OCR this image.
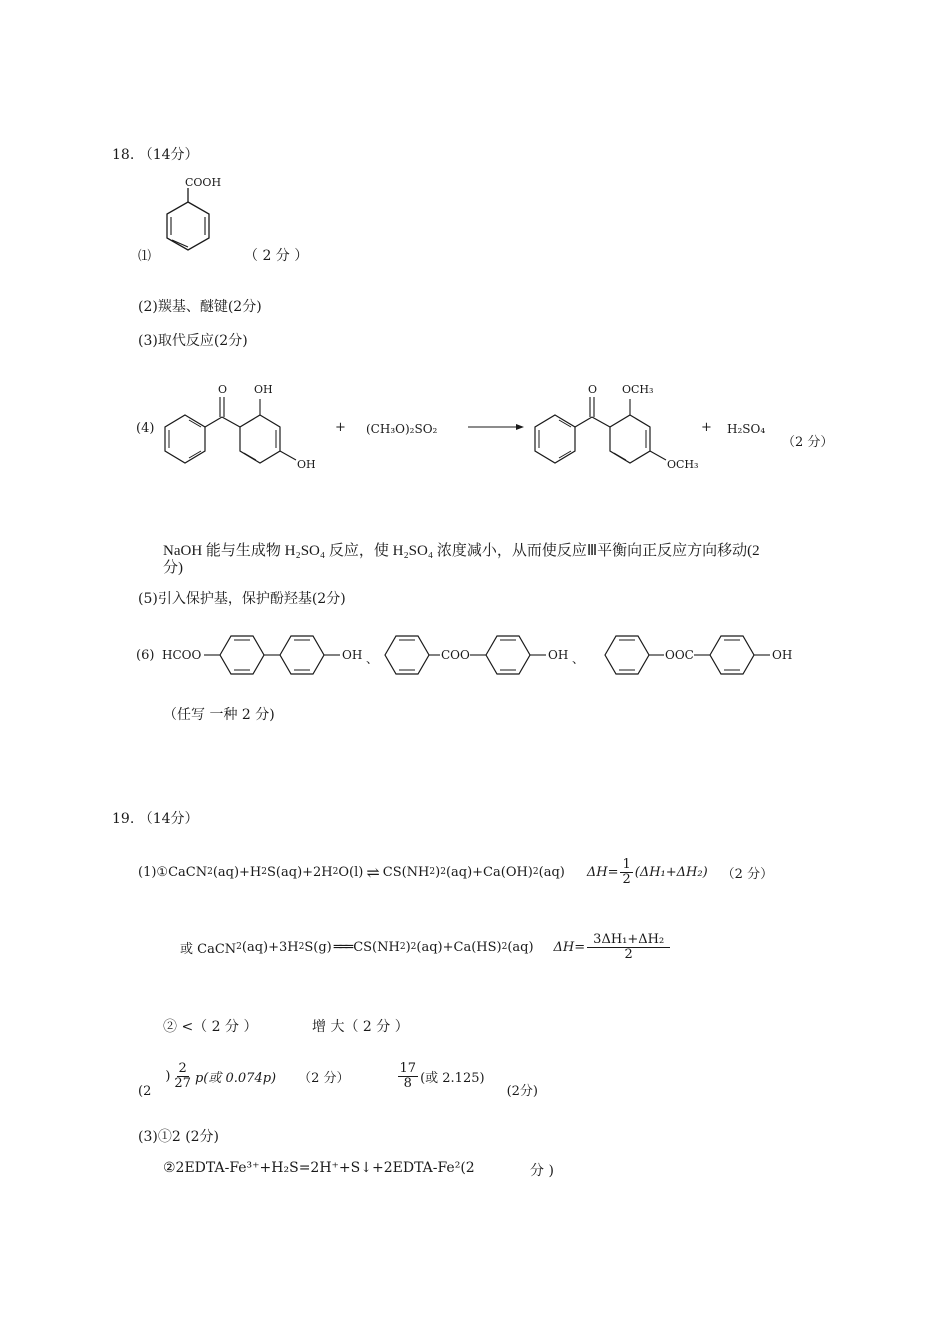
18. （14分）
⑴
COOH
（ 2 分 ）
(2)羰基、醚键(2分)
(3)取代反应(2分)
(4)
O OH
OH
+ (CH₃O)₂SO₂
O OCH₃
OCH₃
+ H₂SO₄
（2 分）
NaOH 能与生成物 H₂SO₄ 反应，使 H₂SO₄ 浓度减小，从而使反应Ⅲ平衡向正反应方向移动(2
分)
(5)引入保护基，保护酚羟基(2分)
(6) HCOO	OH 、	COO	OH 、	OOC	OH
（任写 一种 2 分)
19. （14分）
(1)①CaCN 2 (aq)+H 2 S(aq)+2H 2 O(l) ⇌ CS(NH 2 ) 2 (aq)+Ca(OH) 2 (aq) $\Delta H= \frac{1}{2} (\Delta H_1+\Delta H_2)$ （2 分）
或 CaCN 2 (aq)+3H 2 S(g) ═══ CS(NH 2 ) 2 (aq)+Ca(HS) 2 (aq) $\Delta H= \frac{\text{3ΔH₁+ΔH₂}}{2}$
② <（ 2 分 ）	增 大（ 2 分 ）
(2
) $\frac{2}{27} p$(或 0.074p) （2 分）	$\frac{17}{8}$ (或 2.125)
(2分)
(3)①2 (2分)
②2EDTA-Fe³⁺+H₂S=2H⁺+S↓+2EDTA-Fe²(2	分 )
